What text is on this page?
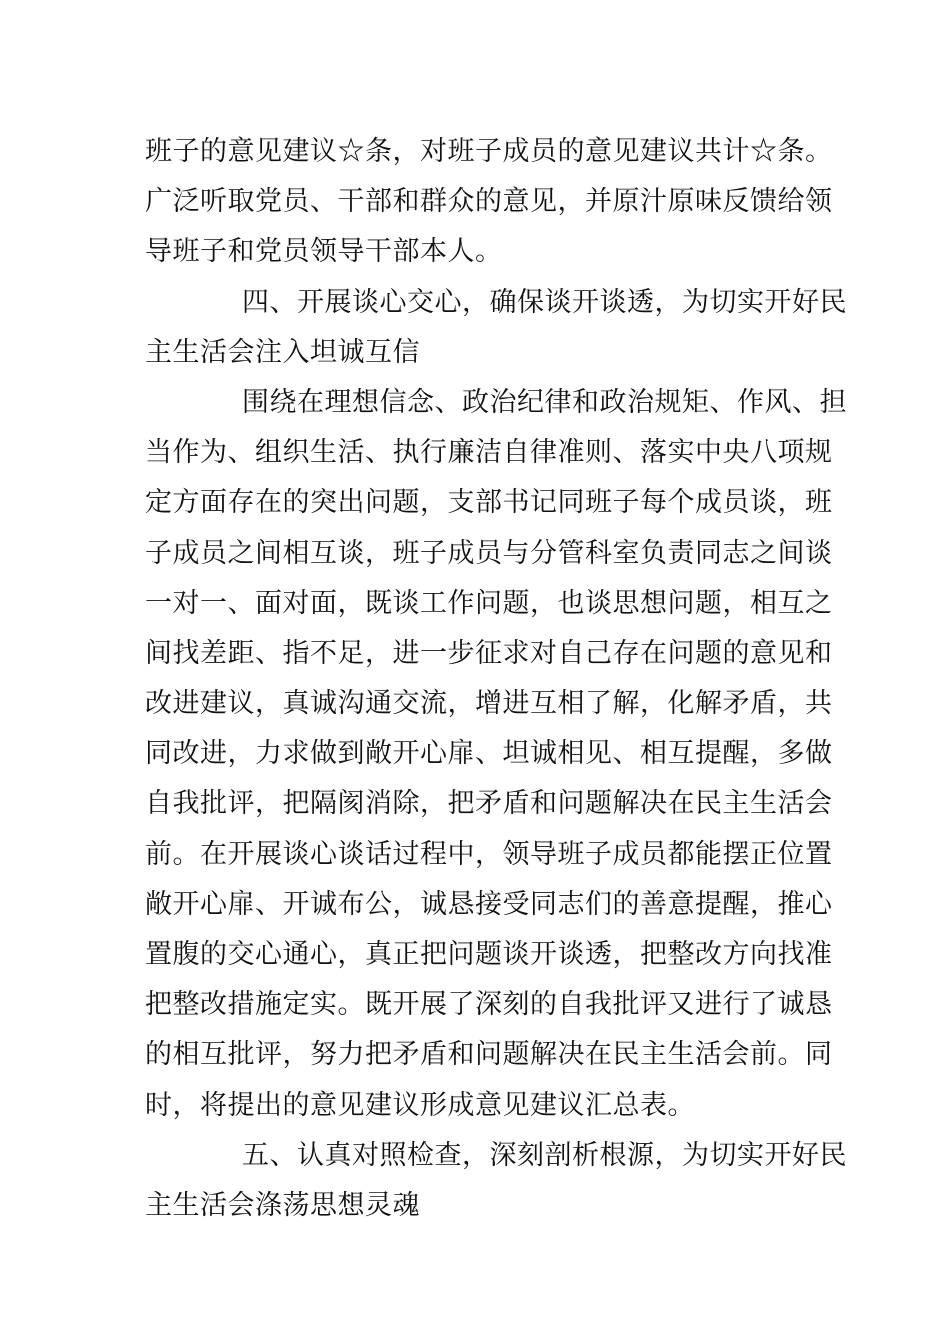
班子的意见建议☆条，对班子成员的意见建议共计☆条。
广泛听取党员、干部和群众的意见，并原汁原味反馈给领
导班子和党员领导干部本人。
四、开展谈心交心，确保谈开谈透，为切实开好民
主生活会注入坦诚互信
围绕在理想信念、政治纪律和政治规矩、作风、担
当作为、组织生活、执行廉洁自律准则、落实中央八项规
定方面存在的突出问题，支部书记同班子每个成员谈，班
子成员之间相互谈，班子成员与分管科室负责同志之间谈
一对一、面对面，既谈工作问题，也谈思想问题，相互之
间找差距、指不足，进一步征求对自己存在问题的意见和
改进建议，真诚沟通交流，增进互相了解，化解矛盾，共
同改进，力求做到敞开心扉、坦诚相见、相互提醒，多做
自我批评，把隔阂消除，把矛盾和问题解决在民主生活会
前。在开展谈心谈话过程中，领导班子成员都能摆正位置
敞开心扉、开诚布公，诚恳接受同志们的善意提醒，推心
置腹的交心通心，真正把问题谈开谈透，把整改方向找准
把整改措施定实。既开展了深刻的自我批评又进行了诚恳
的相互批评，努力把矛盾和问题解决在民主生活会前。同
时，将提出的意见建议形成意见建议汇总表。
五、认真对照检查，深刻剖析根源，为切实开好民
主生活会涤荡思想灵魂
